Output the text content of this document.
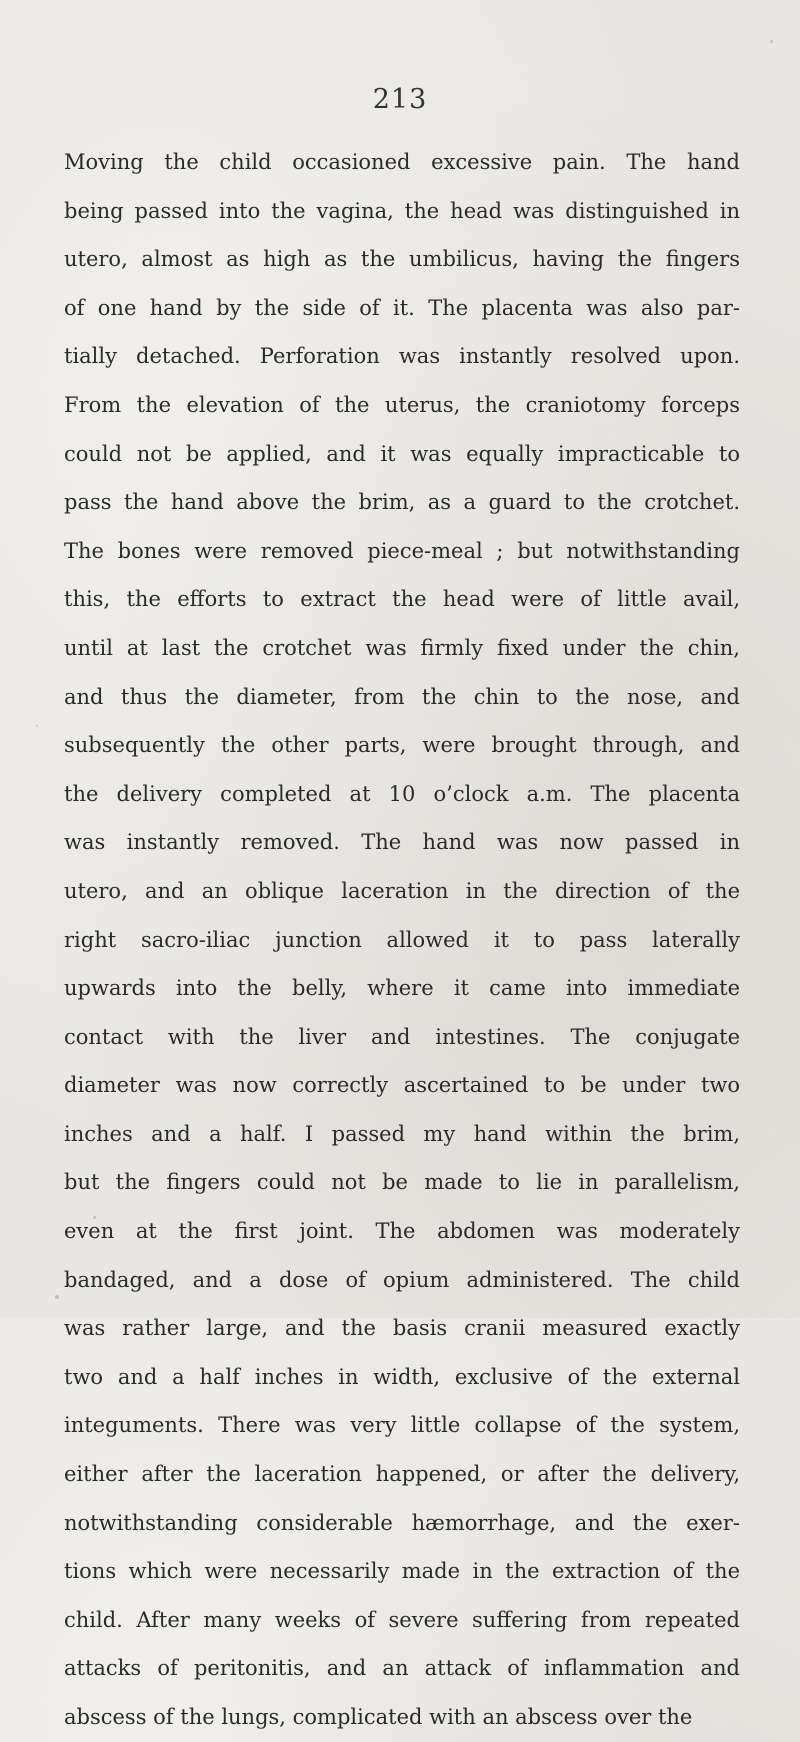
213
Moving the child occasioned excessive pain. The hand
being passed into the vagina, the head was distinguished in
utero, almost as high as the umbilicus, having the fingers
of one hand by the side of it. The placenta was also par-
tially detached. Perforation was instantly resolved upon.
From the elevation of the uterus, the craniotomy forceps
could not be applied, and it was equally impracticable to
pass the hand above the brim, as a guard to the crotchet.
The bones were removed piece-meal ; but notwithstanding
this, the efforts to extract the head were of little avail,
until at last the crotchet was firmly fixed under the chin,
and thus the diameter, from the chin to the nose, and
subsequently the other parts, were brought through, and
the delivery completed at 10 o’clock a.m. The placenta
was instantly removed. The hand was now passed in
utero, and an oblique laceration in the direction of the
right sacro-iliac junction allowed it to pass laterally
upwards into the belly, where it came into immediate
contact with the liver and intestines. The conjugate
diameter was now correctly ascertained to be under two
inches and a half. I passed my hand within the brim,
but the fingers could not be made to lie in parallelism,
even at the first joint. The abdomen was moderately
bandaged, and a dose of opium administered. The child
was rather large, and the basis cranii measured exactly
two and a half inches in width, exclusive of the external
integuments. There was very little collapse of the system,
either after the laceration happened, or after the delivery,
notwithstanding considerable hæmorrhage, and the exer-
tions which were necessarily made in the extraction of the
child. After many weeks of severe suffering from repeated
attacks of peritonitis, and an attack of inflammation and
abscess of the lungs, complicated with an abscess over the
